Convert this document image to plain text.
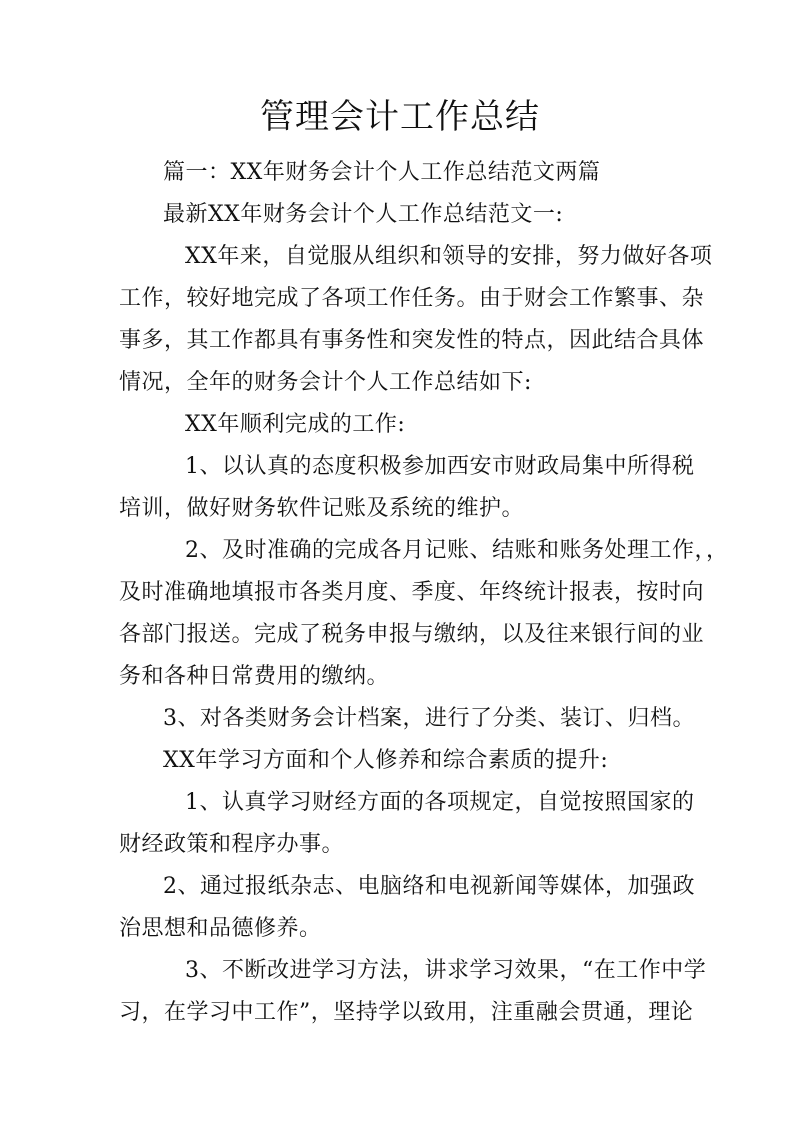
管理会计工作总结
篇一：XX年财务会计个人工作总结范文两篇
最新XX年财务会计个人工作总结范文一:
XX年来，自觉服从组织和领导的安排，努力做好各项
工作，较好地完成了各项工作任务。由于财会工作繁事、杂
事多，其工作都具有事务性和突发性的特点，因此结合具体
情况，全年的财务会计个人工作总结如下:
XX年顺利完成的工作:
1、以认真的态度积极参加西安市财政局集中所得税
培训，做好财务软件记账及系统的维护。
2、及时准确的完成各月记账、结账和账务处理工作，，
及时准确地填报市各类月度、季度、年终统计报表，按时向
各部门报送。完成了税务申报与缴纳，以及往来银行间的业
务和各种日常费用的缴纳。
3、对各类财务会计档案，进行了分类、装订、归档。
XX年学习方面和个人修养和综合素质的提升:
1、认真学习财经方面的各项规定，自觉按照国家的
财经政策和程序办事。
2、通过报纸杂志、电脑络和电视新闻等媒体，加强政
治思想和品德修养。
3、不断改进学习方法，讲求学习效果，“在工作中学
习，在学习中工作”，坚持学以致用，注重融会贯通，理论
